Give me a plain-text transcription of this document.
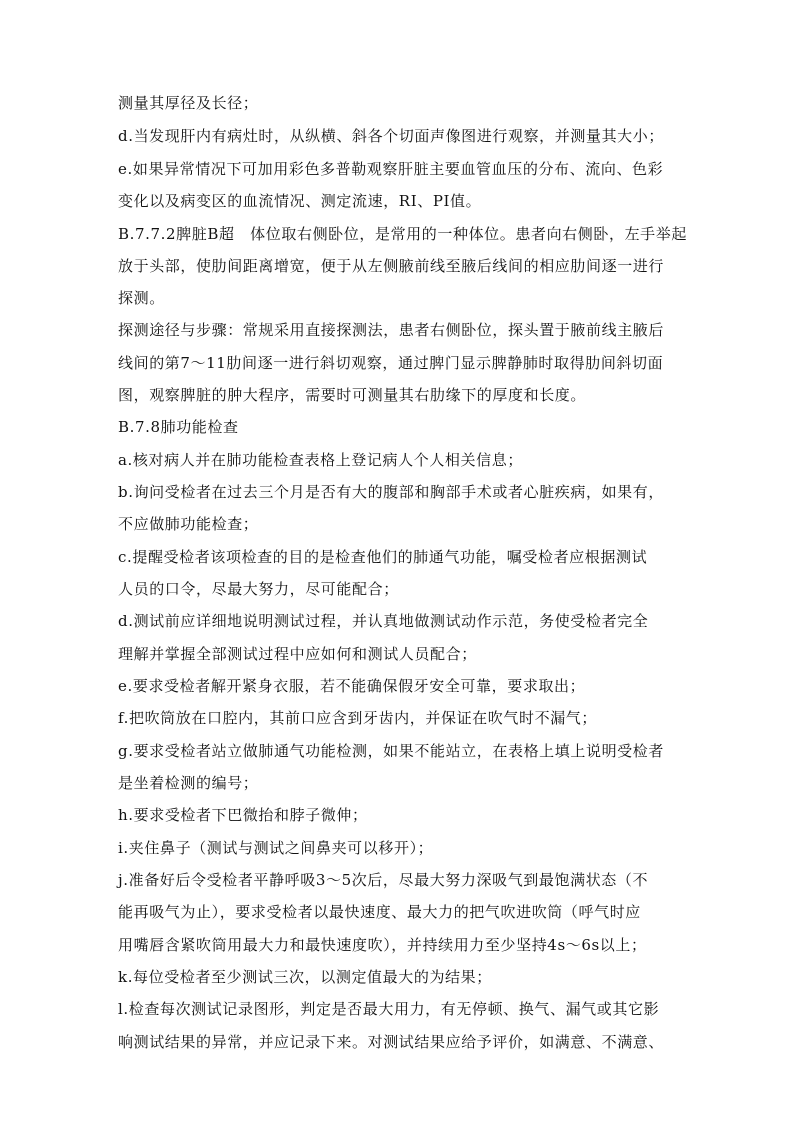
测量其厚径及长径；
d.当发现肝内有病灶时，从纵横、斜各个切面声像图进行观察，并测量其大小；
e.如果异常情况下可加用彩色多普勒观察肝脏主要血管血压的分布、流向、色彩
变化以及病变区的血流情况、测定流速，RI、PI值。
B.7.7.2脾脏B超　体位取右侧卧位，是常用的一种体位。患者向右侧卧，左手举起
放于头部，使肋间距离增宽，便于从左侧腋前线至腋后线间的相应肋间逐一进行
探测。
探测途径与步骤：常规采用直接探测法，患者右侧卧位，探头置于腋前线主腋后
线间的第7～11肋间逐一进行斜切观察，通过脾门显示脾静肺时取得肋间斜切面
图，观察脾脏的肿大程序，需要时可测量其右肋缘下的厚度和长度。
B.7.8肺功能检查
a.核对病人并在肺功能检查表格上登记病人个人相关信息；
b.询问受检者在过去三个月是否有大的腹部和胸部手术或者心脏疾病，如果有，
不应做肺功能检查；
c.提醒受检者该项检查的目的是检查他们的肺通气功能，嘱受检者应根据测试
人员的口令，尽最大努力，尽可能配合；
d.测试前应详细地说明测试过程，并认真地做测试动作示范，务使受检者完全
理解并掌握全部测试过程中应如何和测试人员配合；
e.要求受检者解开紧身衣服，若不能确保假牙安全可靠，要求取出；
f.把吹筒放在口腔内，其前口应含到牙齿内，并保证在吹气时不漏气；
g.要求受检者站立做肺通气功能检测，如果不能站立，在表格上填上说明受检者
是坐着检测的编号；
h.要求受检者下巴微抬和脖子微伸；
i.夹住鼻子（测试与测试之间鼻夹可以移开）；
j.准备好后令受检者平静呼吸3～5次后，尽最大努力深吸气到最饱满状态（不
能再吸气为止），要求受检者以最快速度、最大力的把气吹进吹筒（呼气时应
用嘴唇含紧吹筒用最大力和最快速度吹），并持续用力至少坚持4s～6s以上；
k.每位受检者至少测试三次，以测定值最大的为结果；
l.检查每次测试记录图形，判定是否最大用力，有无停顿、换气、漏气或其它影
响测试结果的异常，并应记录下来。对测试结果应给予评价，如满意、不满意、
